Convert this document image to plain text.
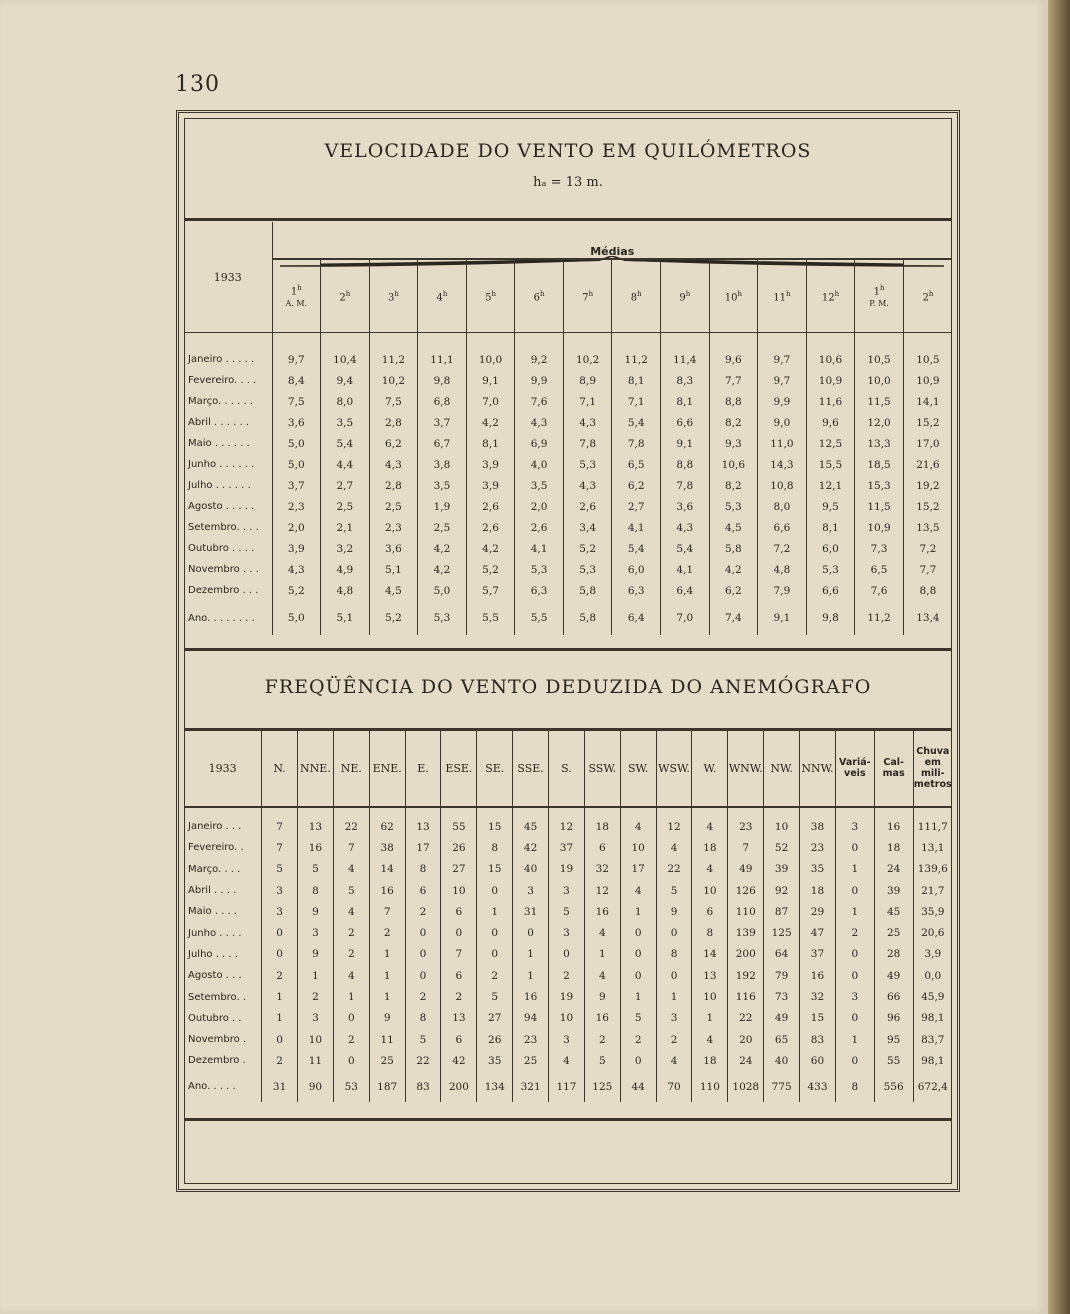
130
VELOCIDADE DO VENTO EM QUILÓMETROS
hₐ = 13 m.
1933	Médias													
	1$^h$
A. M.	2$^h$	3$^h$	4$^h$	5$^h$	6$^h$	7$^h$	8$^h$	9$^h$	10$^h$	11$^h$	12$^h$	1$^h$
P. M.	2$^h$

Janeiro . . . . .	9,7	10,4	11,2	11,1	10,0	9,2	10,2	11,2	11,4	9,6	9,7	10,6	10,5	10,5
Fevereiro. . . .	8,4	9,4	10,2	9,8	9,1	9,9	8,9	8,1	8,3	7,7	9,7	10,9	10,0	10,9
Março. . . . . .	7,5	8,0	7,5	6,8	7,0	7,6	7,1	7,1	8,1	8,8	9,9	11,6	11,5	14,1
Abril . . . . . .	3,6	3,5	2,8	3,7	4,2	4,3	4,3	5,4	6,6	8,2	9,0	9,6	12,0	15,2
Maio . . . . . .	5,0	5,4	6,2	6,7	8,1	6,9	7,8	7,8	9,1	9,3	11,0	12,5	13,3	17,0
Junho . . . . . .	5,0	4,4	4,3	3,8	3,9	4,0	5,3	6,5	8,8	10,6	14,3	15,5	18,5	21,6
Julho . . . . . .	3,7	2,7	2,8	3,5	3,9	3,5	4,3	6,2	7,8	8,2	10,8	12,1	15,3	19,2
Agosto . . . . .	2,3	2,5	2,5	1,9	2,6	2,0	2,6	2,7	3,6	5,3	8,0	9,5	11,5	15,2
Setembro. . . .	2,0	2,1	2,3	2,5	2,6	2,6	3,4	4,1	4,3	4,5	6,6	8,1	10,9	13,5
Outubro . . . .	3,9	3,2	3,6	4,2	4,2	4,1	5,2	5,4	5,4	5,8	7,2	6,0	7,3	7,2
Novembro . . .	4,3	4,9	5,1	4,2	5,2	5,3	5,3	6,0	4,1	4,2	4,8	5,3	6,5	7,7
Dezembro . . .	5,2	4,8	4,5	5,0	5,7	6,3	5,8	6,3	6,4	6,2	7,9	6,6	7,6	8,8
Ano. . . . . . . .	5,0	5,1	5,2	5,3	5,5	5,5	5,8	6,4	7,0	7,4	9,1	9,8	11,2	13,4
FREQÜÊNCIA DO VENTO DEDUZIDA DO ANEMÓGRAFO
1933	N.	NNE.	NE.	ENE.	E.	ESE.	SE.	SSE.	S.	SSW.	SW.	WSW.	W.	WNW.	NW.	NNW.	Variá-
veis	Cal-
mas	Chuva
em
mili-
metros

Janeiro . . .	7	13	22	62	13	55	15	45	12	18	4	12	4	23	10	38	3	16	111,7
Fevereiro. .	7	16	7	38	17	26	8	42	37	6	10	4	18	7	52	23	0	18	13,1
Março. . . .	5	5	4	14	8	27	15	40	19	32	17	22	4	49	39	35	1	24	139,6
Abril . . . .	3	8	5	16	6	10	0	3	3	12	4	5	10	126	92	18	0	39	21,7
Maio . . . .	3	9	4	7	2	6	1	31	5	16	1	9	6	110	87	29	1	45	35,9
Junho . . . .	0	3	2	2	0	0	0	0	3	4	0	0	8	139	125	47	2	25	20,6
Julho . . . .	0	9	2	1	0	7	0	1	0	1	0	8	14	200	64	37	0	28	3,9
Agosto . . .	2	1	4	1	0	6	2	1	2	4	0	0	13	192	79	16	0	49	0,0
Setembro. .	1	2	1	1	2	2	5	16	19	9	1	1	10	116	73	32	3	66	45,9
Outubro . .	1	3	0	9	8	13	27	94	10	16	5	3	1	22	49	15	0	96	98,1
Novembro .	0	10	2	11	5	6	26	23	3	2	2	2	4	20	65	83	1	95	83,7
Dezembro .	2	11	0	25	22	42	35	25	4	5	0	4	18	24	40	60	0	55	98,1
Ano. . . . .	31	90	53	187	83	200	134	321	117	125	44	70	110	1028	775	433	8	556	672,4
